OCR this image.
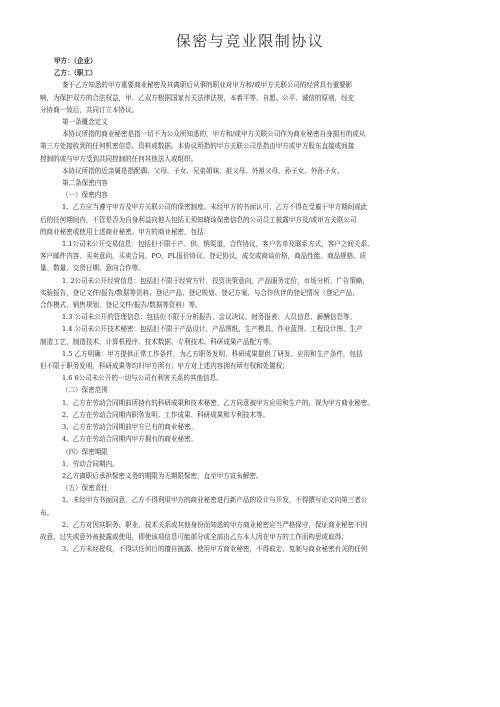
保密与竞业限制协议

甲方：（企业）

乙方：（职工）

鉴于乙方知悉的甲方重要商业秘密及其离职后从事的职业对甲方和/或甲方关联公司的经营具有重要影

响，为保护双方的合法权益，甲、乙双方根据国家有关法律法规，本着平等、自愿、公平、诚信的原则，经充

分协商一致后，共同订立本协议。

第一条概念定义

本协议所指的商业秘密是指一切不为公众所知悉的，甲方和/或甲方关联公司作为商业秘密自身拥有的或从

第三方处接收到的任何机密信息、资料或数据。本协议所指的甲方关联公司是指由甲方或甲方股东直接或间接

控制的或与甲方受到共同控制的任何其他法人或组织。

本协议所指的近亲属是指配偶、父母、子女、兄弟姐妹、祖父母、外祖父母、孙子女、外孙子女。

第二条保密内容

（一）保密内容

1、乙方应当遵守甲方及甲方关联公司的保密制度。未经甲方的书面认可，乙方不得在受雇于甲方期间或此

后的任何期间内，不管是否为自身利益向他人包括无须知晓该保密信息的公司员工披露甲方及/或甲方关联公司

的商业秘密或使用上述商业秘密。甲方的商业秘密，包括：

1.1公司未公开交易信息：包括但不限于产、供、销渠道，合作协议，客户名单及联系方式，客户之间关系、

客户邮件内容、买卖意向，买卖合同，PO、PL报价协议、登记协议，成交或商谈价格，商品性能、商品规格、质

量、数量、交货日期、意向合作等。

1. 2公司未公开经营信息：包括但不限于经营方针，投资决策意向，产品服务定价，市场分析，广告策略，

实验报告，登记文件/报告/数据等资料、登记产品、登记规划、登记方案、与合作伙伴的登记情况（登记产品、

合作模式、销售规划、登记文件/报告/数据等资料）等。

1.3 公司未公开的管理信息：包括但不限于分析报告、会议决议、财务报表、人员信息、薪酬信息等。

1.4 公司未公开技术秘密：包括但不限于产品设计、产品图纸、生产模具、作业蓝图、工程设计图、生产

制造工艺，制造技术、计算机程序、技术数据、专利技术、科研成果产品配方等。

1.5 乙方明确：甲方提供正常工作条件，为乙方职务发明、科研成果提供了研发、应用和生产条件，包括

但不限于职务发明，科研成果等均归甲方所有；甲方对上述内容拥有所有权和处置权；

1.6 6公司未公开的一切与公司有利害关系的其他信息。

（二）保密范围

1、乙方在劳动合同期前所持有的科研成果和技术秘密，乙方同意被甲方应用和生产的，视为甲方商业秘密。

2、乙方在劳动合同期内职务发明、工作成果、科研成果和专利技术等。

3、乙方在劳动合同期前甲方已有的商业秘密。

4、乙方在劳动合同期内甲方拥有的商业秘密。

（四）保密期限

1、劳动合同期内。

2乙方离职后承担保密义务的期限为无期限保密，直至甲方宣布解密。

（五）保密责任

1、未经甲方书面同意，乙方不得利用甲方的商业秘密进行新产品的设计与开发，不得撰写论文向第三者公

布。

2、乙方对因其职务、职业、技术关系或其他身份而知悉的甲方商业秘密应当严格保守，保证商业秘密不因

故意、过失或意外被披露或使用，即使该项信息可能部分或全部由乙方本人因在甲方的工作而构思或取得；

3、乙方未经授权，不得以任何目的擅自披露、使用甲方商业秘密，不得取走、复制与商业秘密有关的任何
